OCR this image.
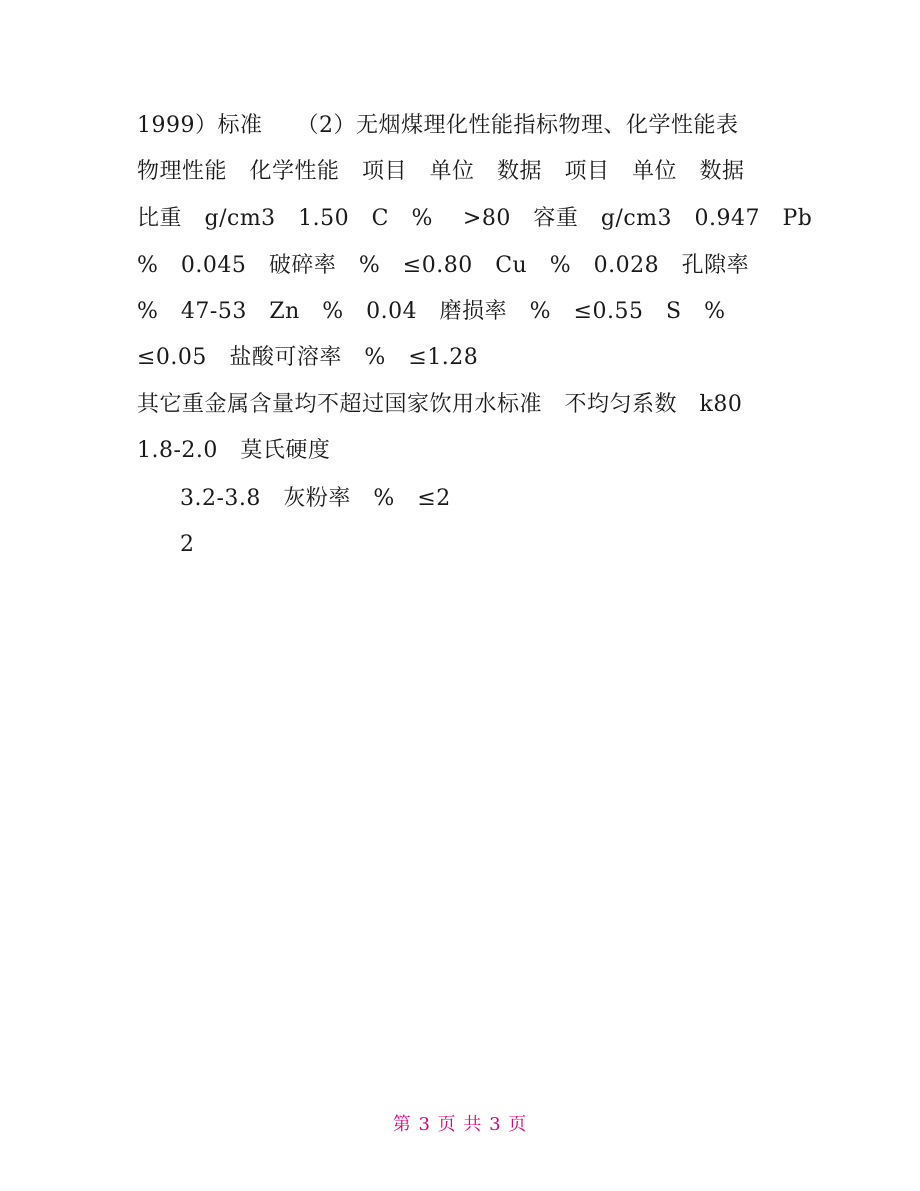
1999）标准　　（2）无烟煤理化性能指标物理、化学性能表
物理性能　化学性能　项目　单位　数据　项目　单位　数据
比重　g/cm3　1.50　C　%　 >80　容重　g/cm3　0.947　Pb
%　0.045　破碎率　%　≤0.80　Cu　%　0.028　孔隙率
%　47-53　Zn　%　0.04　磨损率　%　≤0.55　S　%
≤0.05　盐酸可溶率　%　≤1.28
其它重金属含量均不超过国家饮用水标准　不均匀系数　k80
1.8-2.0　莫氏硬度
3.2-3.8　灰粉率　%　≤2
2
第 3 页 共 3 页
